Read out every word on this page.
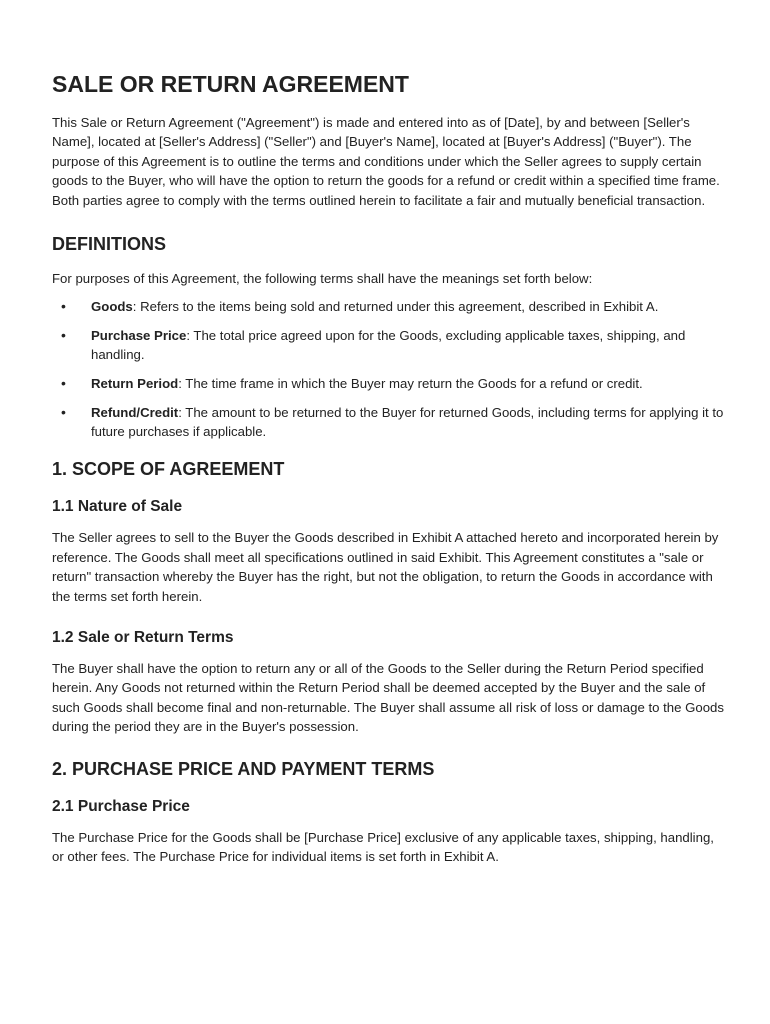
SALE OR RETURN AGREEMENT

This Sale or Return Agreement ("Agreement") is made and entered into as of [Date], by and between [Seller's Name], located at [Seller's Address] ("Seller") and [Buyer's Name], located at [Buyer's Address] ("Buyer"). The purpose of this Agreement is to outline the terms and conditions under which the Seller agrees to supply certain goods to the Buyer, who will have the option to return the goods for a refund or credit within a specified time frame. Both parties agree to comply with the terms outlined herein to facilitate a fair and mutually beneficial transaction.

DEFINITIONS

For purposes of this Agreement, the following terms shall have the meanings set forth below:

• Goods: Refers to the items being sold and returned under this agreement, described in Exhibit A.
• Purchase Price: The total price agreed upon for the Goods, excluding applicable taxes, shipping, and handling.
• Return Period: The time frame in which the Buyer may return the Goods for a refund or credit.
• Refund/Credit: The amount to be returned to the Buyer for returned Goods, including terms for applying it to future purchases if applicable.
1. SCOPE OF AGREEMENT
1.1 Nature of Sale

The Seller agrees to sell to the Buyer the Goods described in Exhibit A attached hereto and incorporated herein by reference. The Goods shall meet all specifications outlined in said Exhibit. This Agreement constitutes a "sale or return" transaction whereby the Buyer has the right, but not the obligation, to return the Goods in accordance with the terms set forth herein.

1.2 Sale or Return Terms

The Buyer shall have the option to return any or all of the Goods to the Seller during the Return Period specified herein. Any Goods not returned within the Return Period shall be deemed accepted by the Buyer and the sale of such Goods shall become final and non-returnable. The Buyer shall assume all risk of loss or damage to the Goods during the period they are in the Buyer's possession.

2. PURCHASE PRICE AND PAYMENT TERMS
2.1 Purchase Price

The Purchase Price for the Goods shall be [Purchase Price] exclusive of any applicable taxes, shipping, handling, or other fees. The Purchase Price for individual items is set forth in Exhibit A.
